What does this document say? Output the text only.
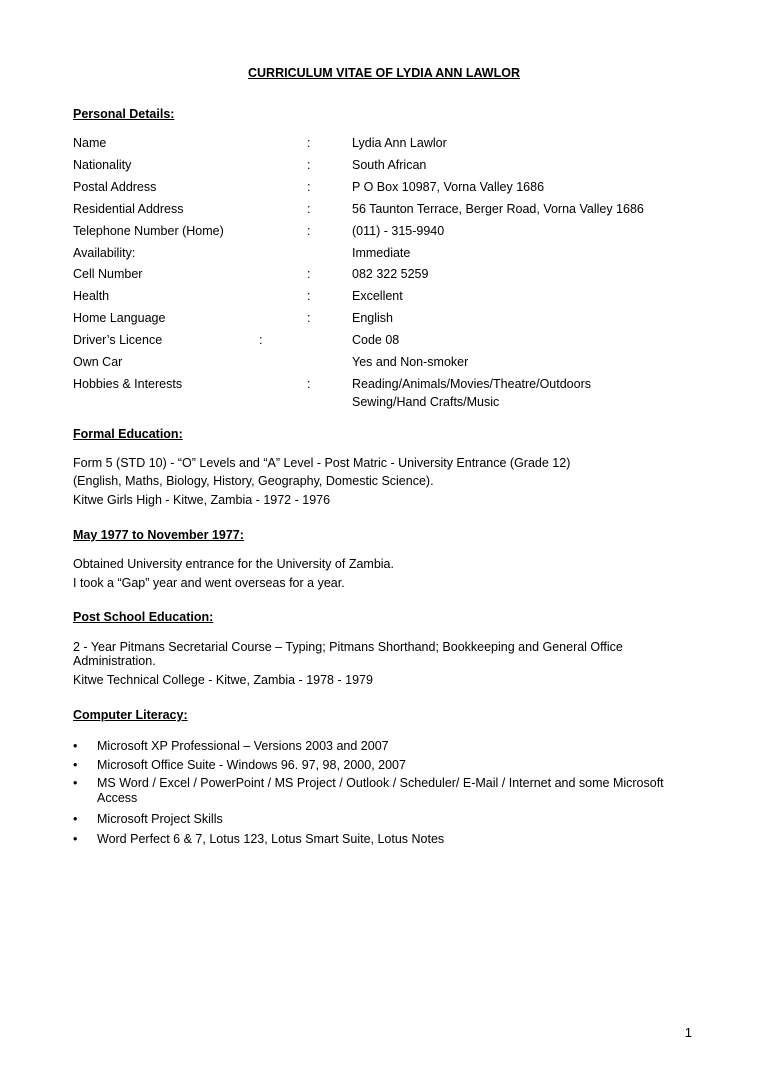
CURRICULUM VITAE OF LYDIA ANN LAWLOR
Personal Details:
Name	:	Lydia Ann Lawlor
Nationality	:	South African
Postal Address	:	P O Box 10987, Vorna Valley 1686
Residential Address	:	56 Taunton Terrace, Berger Road, Vorna Valley 1686
Telephone Number (Home)	:	(011) - 315-9940
Availability:	Immediate
Cell Number	:	082 322 5259
Health	:	Excellent
Home Language	:	English
Driver’s Licence	:	Code 08
Own Car	Yes and Non-smoker
Hobbies & Interests	:	Reading/Animals/Movies/Theatre/Outdoors
Sewing/Hand Crafts/Music
Formal Education:
Form 5 (STD 10) - “O” Levels and “A” Level - Post Matric - University Entrance (Grade 12)
(English, Maths, Biology, History, Geography, Domestic Science).
Kitwe Girls High - Kitwe, Zambia - 1972 - 1976
May 1977 to November 1977:
Obtained University entrance for the University of Zambia.
I took a “Gap” year and went overseas for a year.
Post School Education:
2 - Year Pitmans Secretarial Course – Typing; Pitmans Shorthand; Bookkeeping and General Office
Administration.
Kitwe Technical College - Kitwe, Zambia - 1978 - 1979
Computer Literacy:
• Microsoft XP Professional – Versions 2003 and 2007
• Microsoft Office Suite - Windows 96. 97, 98, 2000, 2007
• MS Word / Excel / PowerPoint / MS Project / Outlook / Scheduler/ E-Mail / Internet and some Microsoft Access
• Microsoft Project Skills
• Word Perfect 6 & 7, Lotus 123, Lotus Smart Suite, Lotus Notes
1
